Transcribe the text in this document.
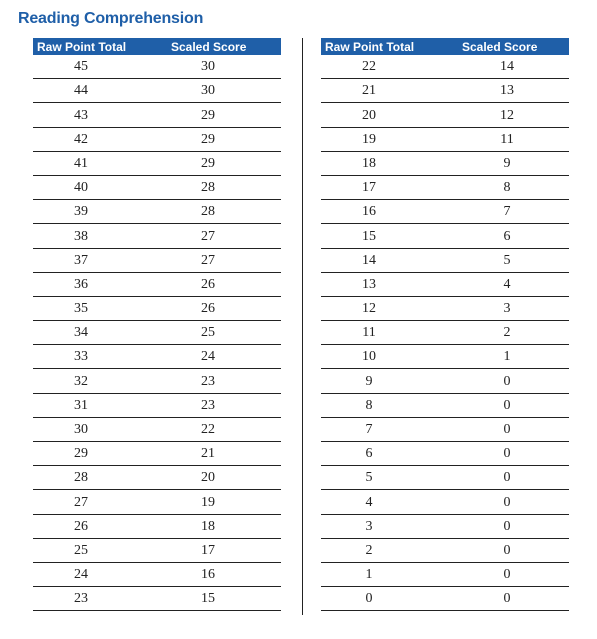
Reading Comprehension
Raw Point Total	Scaled Score
45	30
44	30
43	29
42	29
41	29
40	28
39	28
38	27
37	27
36	26
35	26
34	25
33	24
32	23
31	23
30	22
29	21
28	20
27	19
26	18
25	17
24	16
23	15
Raw Point Total	Scaled Score
22	14
21	13
20	12
19	11
18	9
17	8
16	7
15	6
14	5
13	4
12	3
11	2
10	1
9	0
8	0
7	0
6	0
5	0
4	0
3	0
2	0
1	0
0	0
